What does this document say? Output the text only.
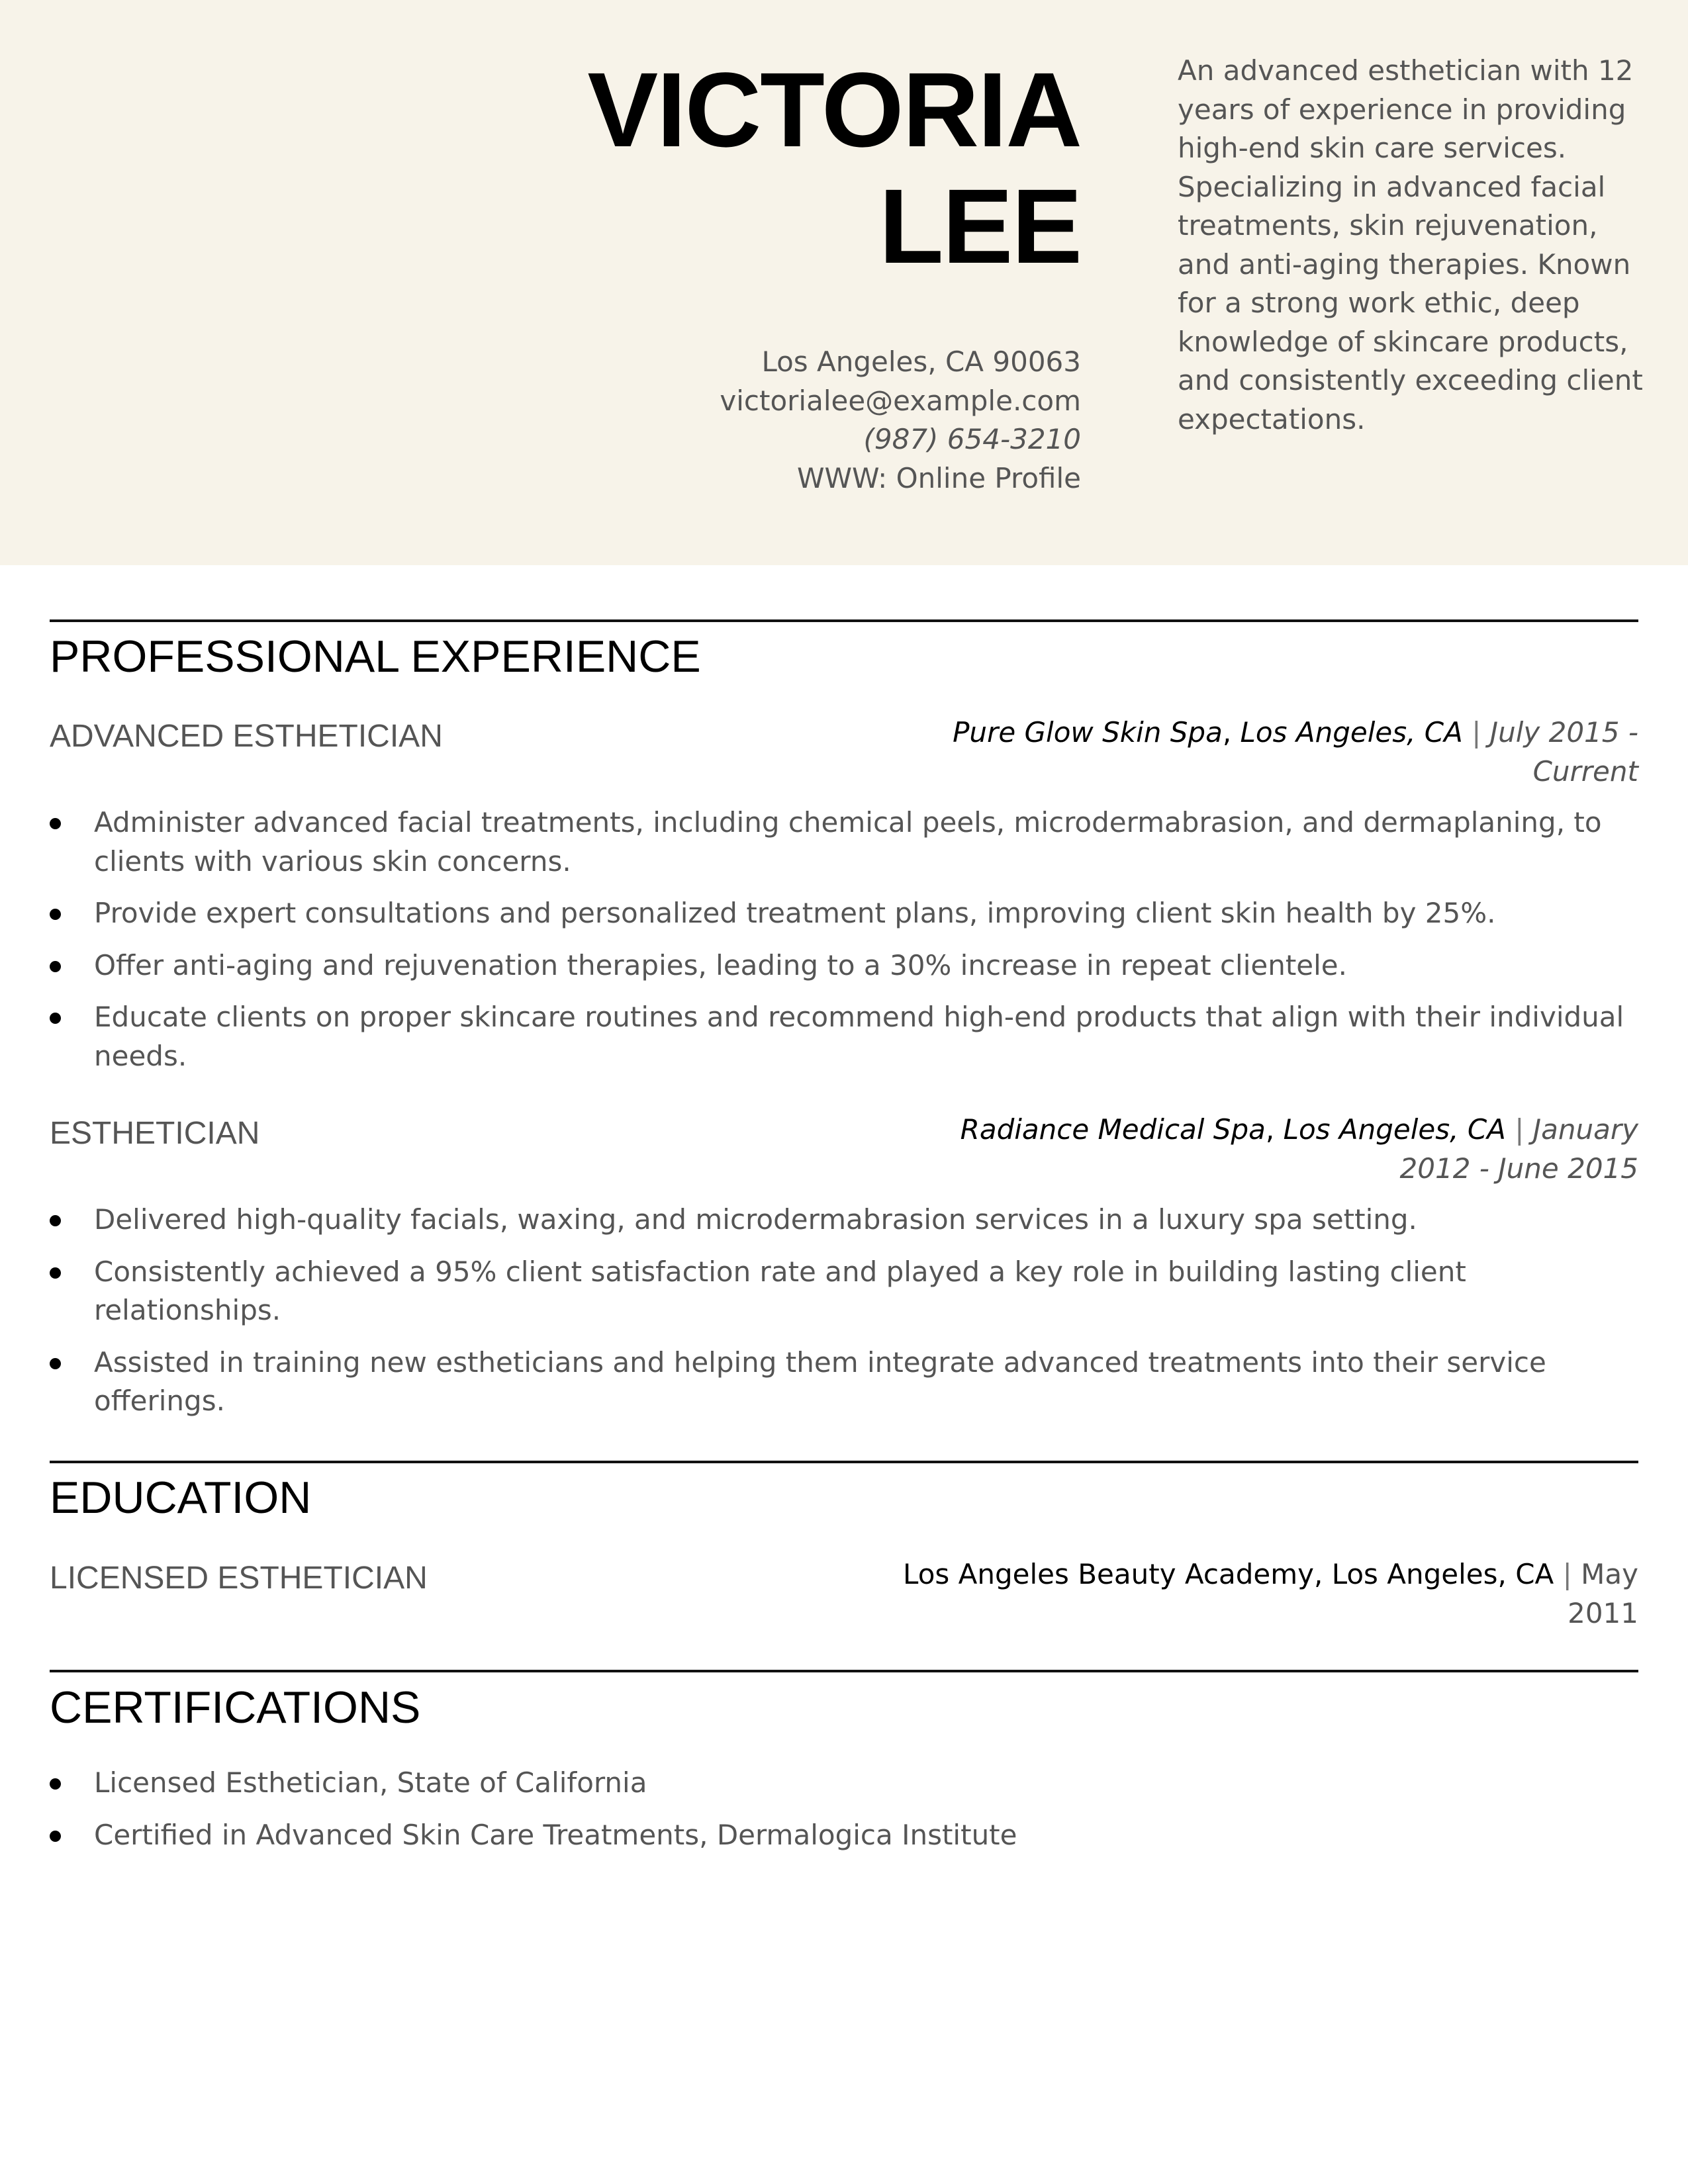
VICTORIA
LEE
Los Angeles, CA 90063
victorialee@example.com
(987) 654-3210
WWW: Online Profile

An advanced esthetician with 12 years of experience in providing high-end skin care services. Specializing in advanced facial treatments, skin rejuvenation, and anti-aging therapies. Known for a strong work ethic, deep knowledge of skincare products, and consistently exceeding client expectations.

PROFESSIONAL EXPERIENCE
ADVANCED ESTHETICIAN	Pure Glow Skin Spa, Los Angeles, CA | July 2015 -
Current
Administer advanced facial treatments, including chemical peels, microdermabrasion, and dermaplaning, to clients with various skin concerns.
Provide expert consultations and personalized treatment plans, improving client skin health by 25%.
Offer anti-aging and rejuvenation therapies, leading to a 30% increase in repeat clientele.
Educate clients on proper skincare routines and recommend high-end products that align with their individual needs.
ESTHETICIAN	Radiance Medical Spa, Los Angeles, CA | January
2012 - June 2015
Delivered high-quality facials, waxing, and microdermabrasion services in a luxury spa setting.
Consistently achieved a 95% client satisfaction rate and played a key role in building lasting client relationships.
Assisted in training new estheticians and helping them integrate advanced treatments into their service offerings.
EDUCATION
LICENSED ESTHETICIAN	Los Angeles Beauty Academy, Los Angeles, CA | May
2011
CERTIFICATIONS
Licensed Esthetician, State of California
Certified in Advanced Skin Care Treatments, Dermalogica Institute
